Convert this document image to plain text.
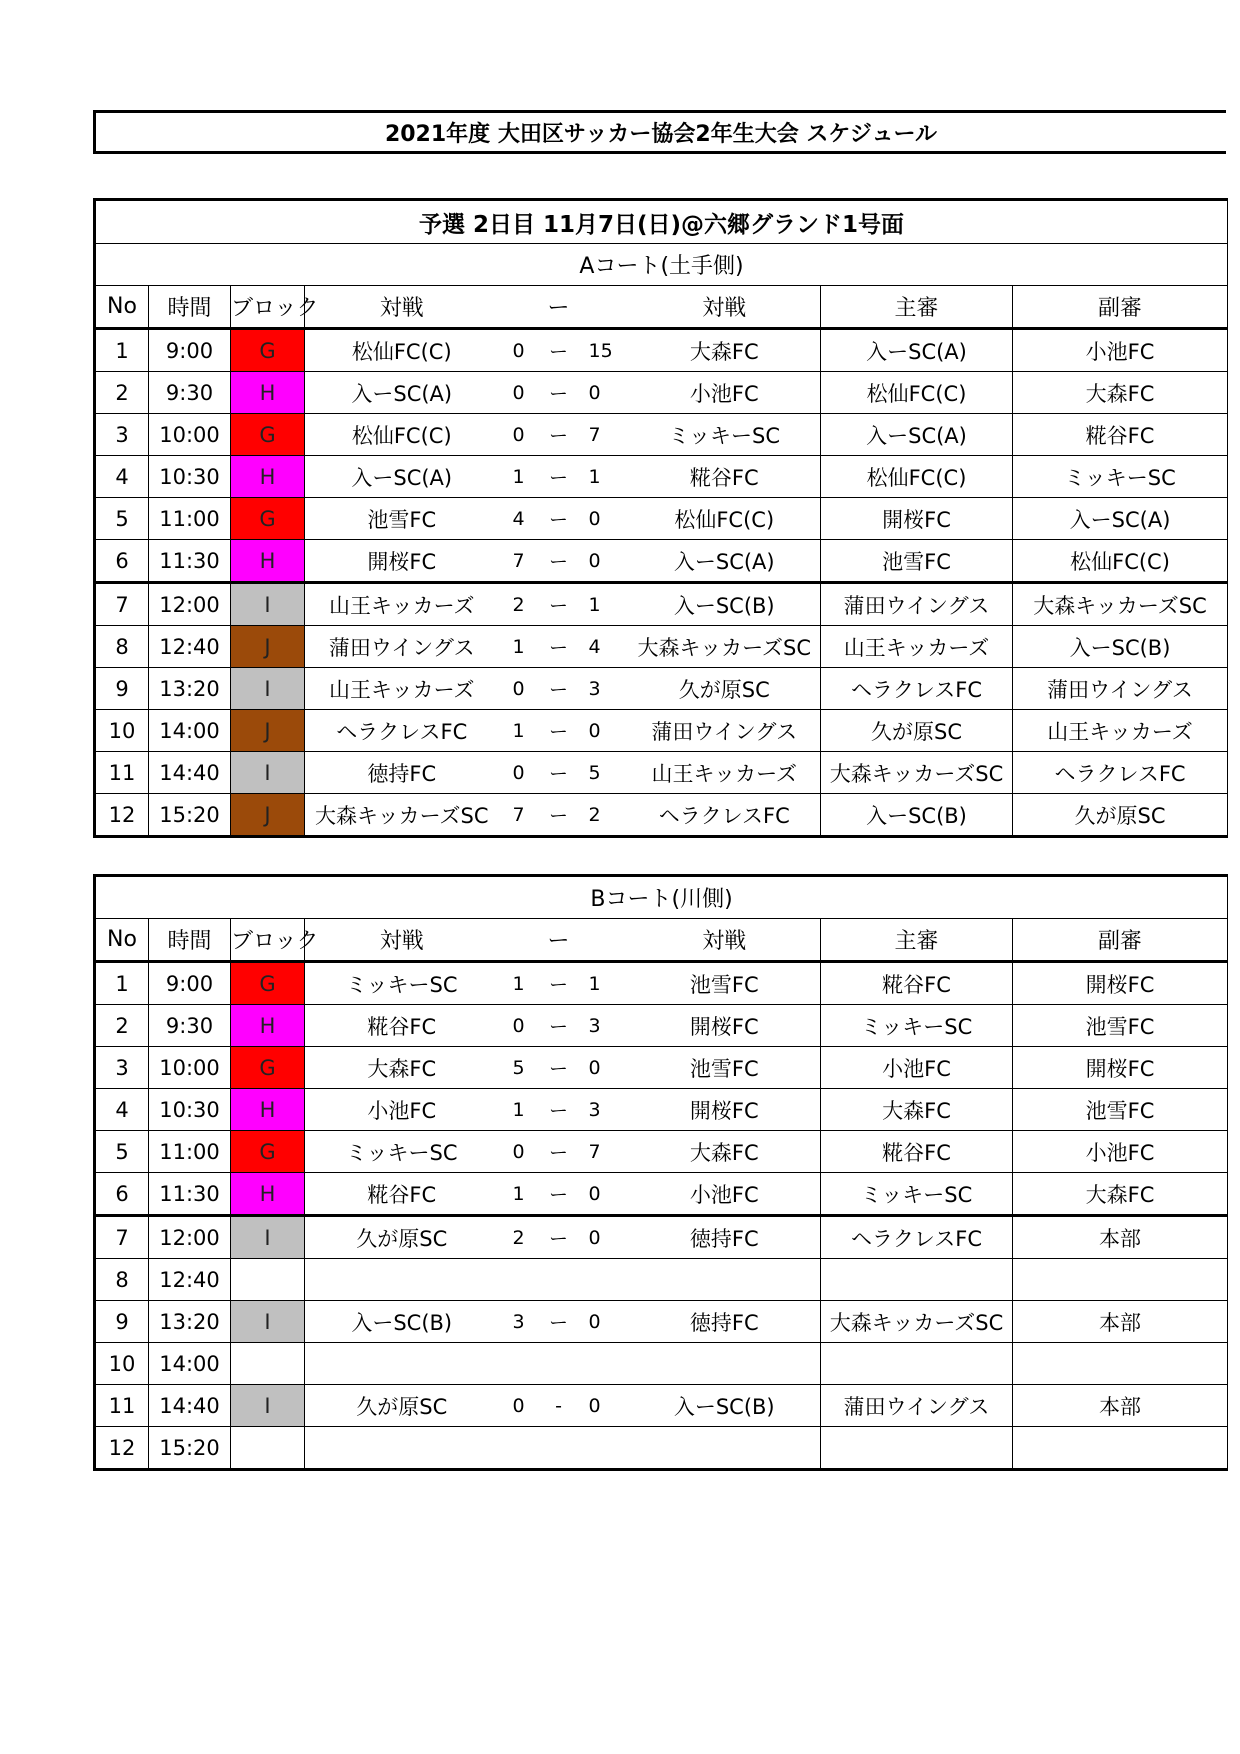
2021年度 大田区サッカー協会2年生大会 スケジュール
予選 2日目 11月7日(日)@六郷グランド1号面									
Aコート(土手側)									
No	時間	ブロック	対戦		ー		対戦	主審	副審
1	9:00	G	松仙FC(C)	0	ー	15	大森FC	入ーSC(A)	小池FC
2	9:30	H	入ーSC(A)	0	ー	0	小池FC	松仙FC(C)	大森FC
3	10:00	G	松仙FC(C)	0	ー	7	ミッキーSC	入ーSC(A)	糀谷FC
4	10:30	H	入ーSC(A)	1	ー	1	糀谷FC	松仙FC(C)	ミッキーSC
5	11:00	G	池雪FC	4	ー	0	松仙FC(C)	開桜FC	入ーSC(A)
6	11:30	H	開桜FC	7	ー	0	入ーSC(A)	池雪FC	松仙FC(C)
7	12:00	I	山王キッカーズ	2	ー	1	入ーSC(B)	蒲田ウイングス	大森キッカーズSC
8	12:40	J	蒲田ウイングス	1	ー	4	大森キッカーズSC	山王キッカーズ	入ーSC(B)
9	13:20	I	山王キッカーズ	0	ー	3	久が原SC	ヘラクレスFC	蒲田ウイングス
10	14:00	J	ヘラクレスFC	1	ー	0	蒲田ウイングス	久が原SC	山王キッカーズ
11	14:40	I	徳持FC	0	ー	5	山王キッカーズ	大森キッカーズSC	ヘラクレスFC
12	15:20	J	大森キッカーズSC	7	ー	2	ヘラクレスFC	入ーSC(B)	久が原SC
Bコート(川側)									
No	時間	ブロック	対戦		ー		対戦	主審	副審
1	9:00	G	ミッキーSC	1	ー	1	池雪FC	糀谷FC	開桜FC
2	9:30	H	糀谷FC	0	ー	3	開桜FC	ミッキーSC	池雪FC
3	10:00	G	大森FC	5	ー	0	池雪FC	小池FC	開桜FC
4	10:30	H	小池FC	1	ー	3	開桜FC	大森FC	池雪FC
5	11:00	G	ミッキーSC	0	ー	7	大森FC	糀谷FC	小池FC
6	11:30	H	糀谷FC	1	ー	0	小池FC	ミッキーSC	大森FC
7	12:00	I	久が原SC	2	ー	0	徳持FC	ヘラクレスFC	本部
8	12:40								
9	13:20	I	入ーSC(B)	3	ー	0	徳持FC	大森キッカーズSC	本部
10	14:00								
11	14:40	I	久が原SC	0	-	0	入ーSC(B)	蒲田ウイングス	本部
12	15:20								
